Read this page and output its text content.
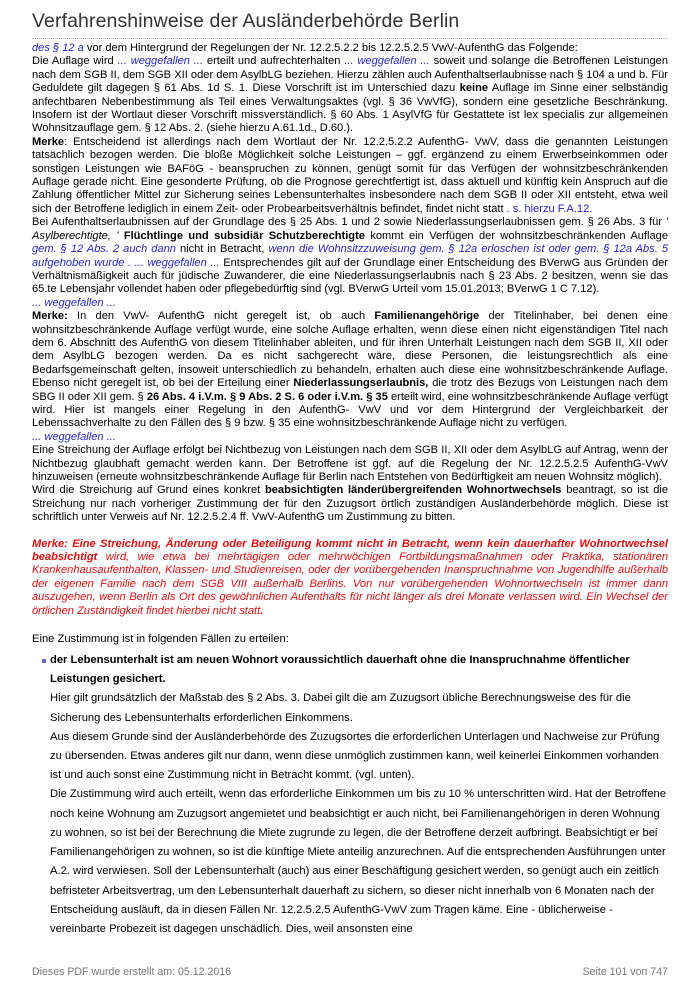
Verfahrenshinweise der Ausländerbehörde Berlin

des § 12 a vor dem Hintergrund der Regelungen der Nr. 12.2.5.2.2 bis 12.2.5.2.5 VwV-AufenthG das Folgende:
Die Auflage wird ... weggefallen ... erteilt und aufrechterhalten ... weggefallen ... soweit und solange die Betroffenen Leistungen nach dem SGB II, dem SGB XII oder dem AsylbLG beziehen. Hierzu zählen auch Aufenthaltserlaubnisse nach § 104 a und b. Für Geduldete gilt dagegen § 61 Abs. 1d S. 1. Diese Vorschrift ist im Unterschied dazu keine Auflage im Sinne einer selbständig anfechtbaren Nebenbestimmung als Teil eines Verwaltungsaktes (vgl. § 36 VwVfG), sondern eine gesetzliche Beschränkung. Insofern ist der Wortlaut dieser Vorschrift missverständlich. § 60 Abs. 1 AsylVfG für Gestattete ist lex specialis zur allgemeinen Wohnsitzauflage gem. § 12 Abs. 2. (siehe hierzu A.61.1d., D.60.).

Merke: Entscheidend ist allerdings nach dem Wortlaut der Nr. 12.2.5.2.2 AufenthG- VwV, dass die genannten Leistungen tatsächlich bezogen werden. Die bloße Möglichkeit solche Leistungen – ggf. ergänzend zu einem Erwerbseinkommen oder sonstigen Leistungen wie BAFöG - beanspruchen zu können, genügt somit für das Verfügen der wohnsitzbeschränkenden Auflage gerade nicht. Eine gesonderte Prüfung, ob die Prognose gerechtfertigt ist, dass aktuell und künftig kein Anspruch auf die Zahlung öffentlicher Mittel zur Sicherung seines Lebensunterhaltes insbesondere nach dem SGB II oder XII entsteht, etwa weil sich der Betroffene lediglich in einem Zeit- oder Probearbeitsverhältnis befindet, findet nicht statt . s. hierzu F.A.12.
Bei Aufenthaltserlaubnissen auf der Grundlage des § 25 Abs. 1 und 2 sowie Niederlassungserlaubnissen gem. § 26 Abs. 3 für ' Asylberechtigte, ' Flüchtlinge und subsidiär Schutzberechtigte kommt ein Verfügen der wohnsitzbeschränkenden Auflage gem. § 12 Abs. 2 auch dann nicht in Betracht, wenn die Wohnsitzzuweisung gem. § 12a erloschen ist oder gem. § 12a Abs. 5 aufgehoben wurde . ... weggefallen ... Entsprechendes gilt auf der Grundlage einer Entscheidung des BVerwG aus Gründen der Verhältnismäßigkeit auch für jüdische Zuwanderer, die eine Niederlassungserlaubnis nach § 23 Abs. 2 besitzen, wenn sie das 65.te Lebensjahr vollendet haben oder pflegebedürftig sind (vgl. BVerwG Urteil vom 15.01.2013; BVerwG 1 C 7.12).

... weggefallen ...

Merke: In den VwV- AufenthG nicht geregelt ist, ob auch Familienangehörige der Titelinhaber, bei denen eine wohnsitzbeschränkende Auflage verfügt wurde, eine solche Auflage erhalten, wenn diese einen nicht eigenständigen Titel nach dem 6. Abschnitt des AufenthG von diesem Titelinhaber ableiten, und für ihren Unterhalt Leistungen nach dem SGB II, XII oder dem AsylbLG bezogen werden. Da es nicht sachgerecht wäre, diese Personen, die leistungsrechtlich als eine Bedarfsgemeinschaft gelten, insoweit unterschiedlich zu behandeln, erhalten auch diese eine wohnsitzbeschränkende Auflage. Ebenso nicht geregelt ist, ob bei der Erteilung einer Niederlassungserlaubnis, die trotz des Bezugs von Leistungen nach dem SBG II oder XII gem. § 26 Abs. 4 i.V.m. § 9 Abs. 2 S. 6 oder i.V.m. § 35 erteilt wird, eine wohnsitzbeschränkende Auflage verfügt wird. Hier ist mangels einer Regelung in den AufenthG- VwV und vor dem Hintergrund der Vergleichbarkeit der Lebenssachverhalte zu den Fällen des § 9 bzw. § 35 eine wohnsitzbeschränkende Auflage nicht zu verfügen.

... weggefallen ...

Eine Streichung der Auflage erfolgt bei Nichtbezug von Leistungen nach dem SGB II, XII oder dem AsylbLG auf Antrag, wenn der Nichtbezug glaubhaft gemacht werden kann. Der Betroffene ist ggf. auf die Regelung der Nr. 12.2.5.2.5 AufenthG-VwV hinzuweisen (erneute wohnsitzbeschränkende Auflage für Berlin nach Entstehen von Bedürftigkeit am neuen Wohnsitz möglich).
Wird die Streichung auf Grund eines konkret beabsichtigten länderübergreifenden Wohnortwechsels beantragt, so ist die Streichung nur nach vorheriger Zustimmung der für den Zuzugsort örtlich zuständigen Ausländerbehörde möglich. Diese ist schriftlich unter Verweis auf Nr. 12.2.5.2.4 ff. VwV-AufenthG um Zustimmung zu bitten.

Merke: Eine Streichung, Änderung oder Beteiligung kommt nicht in Betracht, wenn kein dauerhafter Wohnortwechsel beabsichtigt wird, wie etwa bei mehrtägigen oder mehrwöchigen Fortbildungsmaßnahmen oder Praktika, stationären Krankenhausaufenthalten, Klassen- und Studienreisen, oder der vorübergehenden Inanspruchnahme von Jugendhilfe außerhalb der eigenen Familie nach dem SGB VIII außerhalb Berlins. Von nur vorübergehenden Wohnortwechseln ist immer dann auszugehen, wenn Berlin als Ort des gewöhnlichen Aufenthalts für nicht länger als drei Monate verlassen wird. Ein Wechsel der örtlichen Zuständigkeit findet hierbei nicht statt.

Eine Zustimmung ist in folgenden Fällen zu erteilen:

der Lebensunterhalt ist am neuen Wohnort voraussichtlich dauerhaft ohne die Inanspruchnahme öffentlicher Leistungen gesichert.

Hier gilt grundsätzlich der Maßstab des § 2 Abs. 3. Dabei gilt die am Zuzugsort übliche Berechnungsweise des für die Sicherung des Lebensunterhalts erforderlichen Einkommens.

Aus diesem Grunde sind der Ausländerbehörde des Zuzugsortes die erforderlichen Unterlagen und Nachweise zur Prüfung zu übersenden. Etwas anderes gilt nur dann, wenn diese unmöglich zustimmen kann, weil keinerlei Einkommen vorhanden ist und auch sonst eine Zustimmung nicht in Betracht kommt. (vgl. unten).

Die Zustimmung wird auch erteilt, wenn das erforderliche Einkommen um bis zu 10 % unterschritten wird. Hat der Betroffene noch keine Wohnung am Zuzugsort angemietet und beabsichtigt er auch nicht, bei Familienangehörigen in deren Wohnung zu wohnen, so ist bei der Berechnung die Miete zugrunde zu legen, die der Betroffene derzeit aufbringt. Beabsichtigt er bei Familienangehörigen zu wohnen, so ist die künftige Miete anteilig anzurechnen. Auf die entsprechenden Ausführungen unter A.2. wird verwiesen. Soll der Lebensunterhalt (auch) aus einer Beschäftigung gesichert werden, so genügt auch ein zeitlich befristeter Arbeitsvertrag, um den Lebensunterhalt dauerhaft zu sichern, so dieser nicht innerhalb von 6 Monaten nach der Entscheidung ausläuft, da in diesen Fällen Nr. 12.2.5.2.5 AufenthG-VwV zum Tragen käme. Eine - üblicherweise - vereinbarte Probezeit ist dagegen unschädlich. Dies, weil ansonsten eine

Dieses PDF wurde erstellt am: 05.12.2016	Seite 101 von 747
